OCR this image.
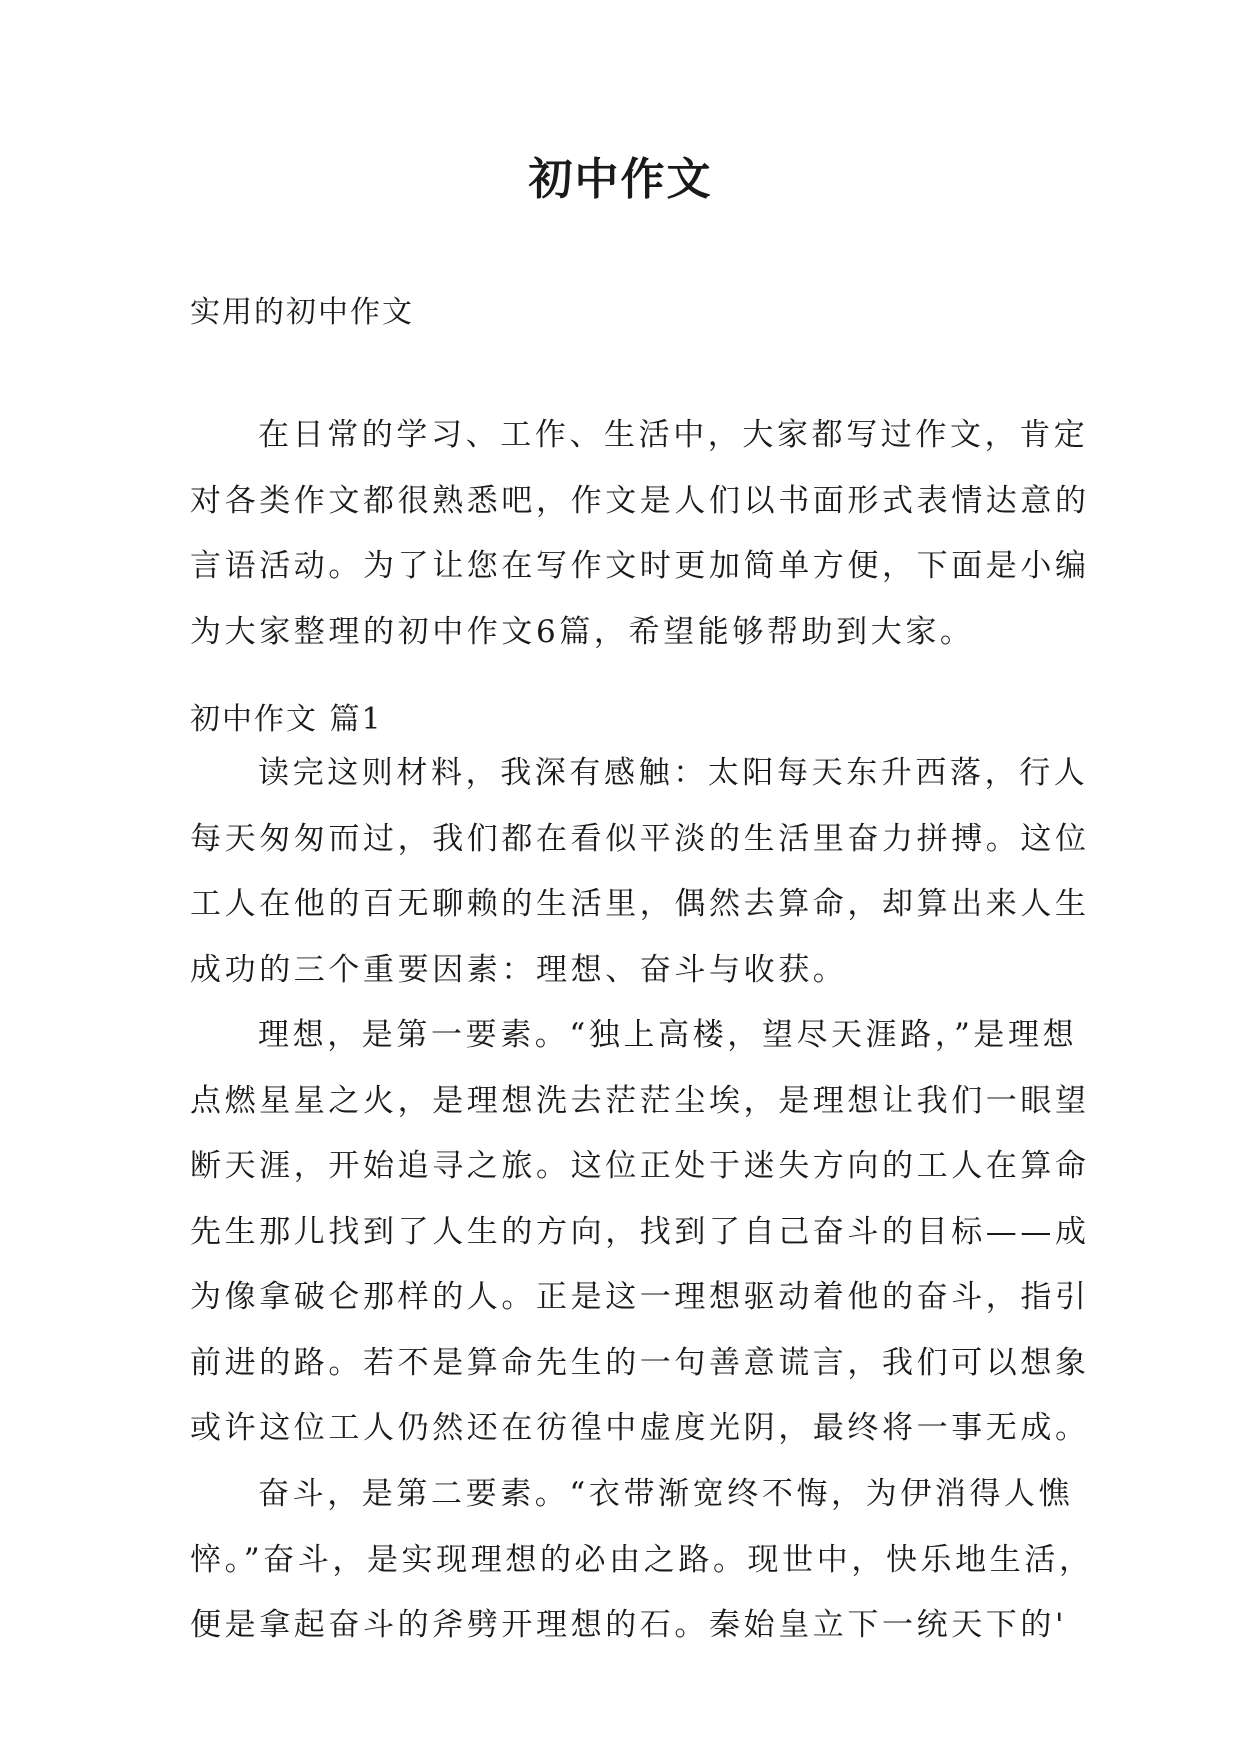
初中作文

实用的初中作文

在日常的学习、工作、生活中，大家都写过作文，肯定
对各类作文都很熟悉吧，作文是人们以书面形式表情达意的
言语活动。为了让您在写作文时更加简单方便，下面是小编
为大家整理的初中作文6篇，希望能够帮助到大家。

初中作文 篇1

读完这则材料，我深有感触：太阳每天东升西落，行人
每天匆匆而过，我们都在看似平淡的生活里奋力拼搏。这位
工人在他的百无聊赖的生活里，偶然去算命，却算出来人生
成功的三个重要因素：理想、奋斗与收获。
理想，是第一要素。“独上高楼，望尽天涯路，”是理想
点燃星星之火，是理想洗去茫茫尘埃，是理想让我们一眼望
断天涯，开始追寻之旅。这位正处于迷失方向的工人在算命
先生那儿找到了人生的方向，找到了自己奋斗的目标——成
为像拿破仑那样的人。正是这一理想驱动着他的奋斗，指引
前进的路。若不是算命先生的一句善意谎言，我们可以想象
或许这位工人仍然还在彷徨中虚度光阴，最终将一事无成。
奋斗，是第二要素。“衣带渐宽终不悔，为伊消得人憔
悴。”奋斗，是实现理想的必由之路。现世中，快乐地生活，
便是拿起奋斗的斧劈开理想的石。秦始皇立下一统天下的'
